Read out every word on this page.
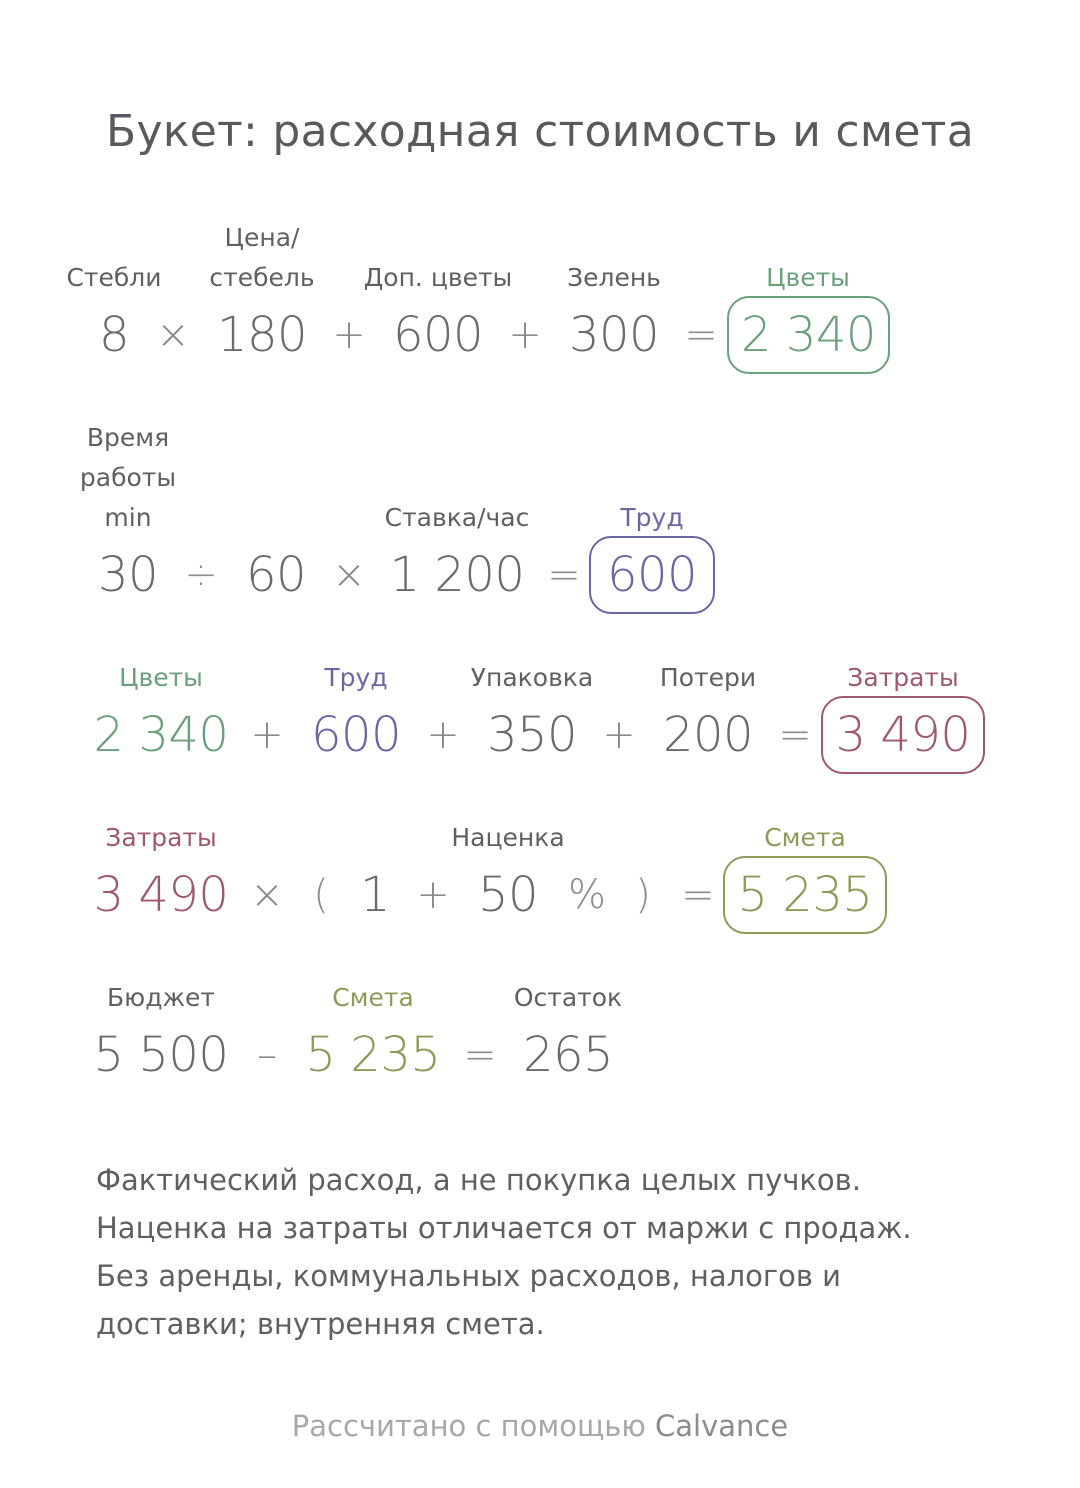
Букет: расходная стоимость и смета
Стебли
Цена/
стебель Доп. цветы Зелень	Цветы
8 × 180 + 600 + 300 = 2 340
Время
работы
min	Ставка/час	Труд
30 ÷ 60 × 1 200 = 600
Цветы	Труд	Упаковка	Потери	Затраты
2 340 + 600 + 350 + 200 = 3 490
Затраты	Наценка	Смета
3 490 × ( 1 + 50 % ) = 5 235
Бюджет	Смета	Остаток
5 500 – 5 235 = 265
Фактический расход, а не покупка целых пучков.
Наценка на затраты отличается от маржи с продаж.
Без аренды, коммунальных расходов, налогов и
доставки; внутренняя смета.
Рассчитано с помощью Calvance
